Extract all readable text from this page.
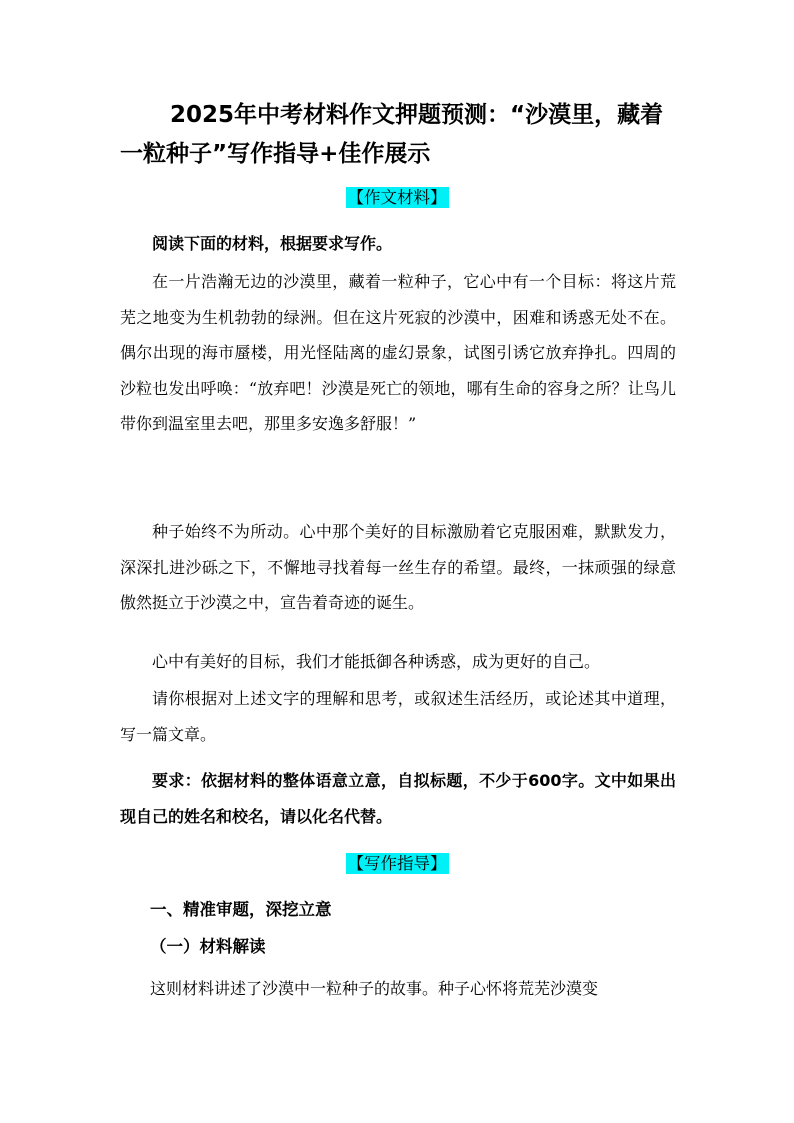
2025年中考材料作文押题预测：“沙漠里，藏着
一粒种子”写作指导+佳作展示
【作文材料】
阅读下面的材料，根据要求写作。
在一片浩瀚无边的沙漠里，藏着一粒种子，它心中有一个目标：将这片荒芜之地变为生机勃勃的绿洲。但在这片死寂的沙漠中，困难和诱惑无处不在。偶尔出现的海市蜃楼，用光怪陆离的虚幻景象，试图引诱它放弃挣扎。四周的沙粒也发出呼唤：“放弃吧！沙漠是死亡的领地，哪有生命的容身之所？让鸟儿带你到温室里去吧，那里多安逸多舒服！”
种子始终不为所动。心中那个美好的目标激励着它克服困难，默默发力，深深扎进沙砾之下，不懈地寻找着每一丝生存的希望。最终，一抹顽强的绿意傲然挺立于沙漠之中，宣告着奇迹的诞生。
心中有美好的目标，我们才能抵御各种诱惑，成为更好的自己。
请你根据对上述文字的理解和思考，或叙述生活经历，或论述其中道理，写一篇文章。
要求：依据材料的整体语意立意，自拟标题，不少于600字。文中如果出现自己的姓名和校名，请以化名代替。
【写作指导】
一、精准审题，深挖立意
（一）材料解读
这则材料讲述了沙漠中一粒种子的故事。种子心怀将荒芜沙漠变
